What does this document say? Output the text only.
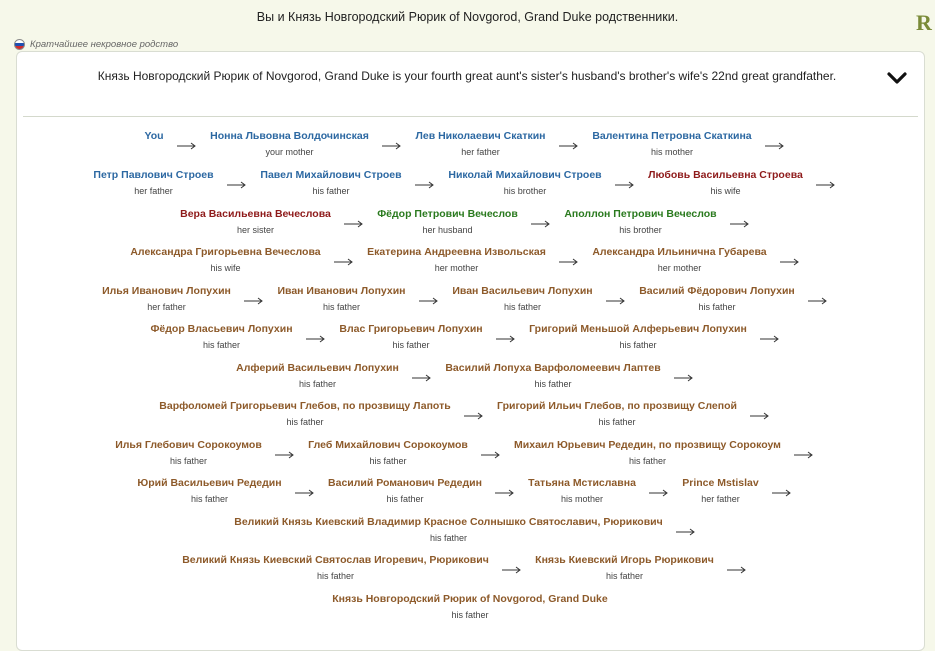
Вы и Князь Новгородский Рюрик of Novgorod, Grand Duke родственники.	R
Кратчайшее некровное родство
Князь Новгородский Рюрик of Novgorod, Grand Duke is your fourth great aunt's sister's husband's brother's wife's 22nd great grandfather.
You	Нонна Львовна Волдочинская
your mother
Лев Николаевич Скаткин
her father
Валентина Петровна Скаткина
his mother
Петр Павлович Строев
her father
Павел Михайлович Строев
his father
Николай Михайлович Строев
his brother
Любовь Васильевна Строева
his wife
Вера Васильевна Вечеслова
her sister
Фёдор Петрович Вечеслов
her husband
Аполлон Петрович Вечеслов
his brother
Александра Григорьевна Вечеслова
his wife
Екатерина Андреевна Извольская
her mother
Александра Ильинична Губарева
her mother
Илья Иванович Лопухин
her father
Иван Иванович Лопухин
his father
Иван Васильевич Лопухин
his father
Василий Фёдорович Лопухин
his father
Фёдор Власьевич Лопухин
his father
Влас Григорьевич Лопухин
his father
Григорий Меньшой Алферьевич Лопухин
his father
Алферий Васильевич Лопухин
his father
Василий Лопуха Варфоломеевич Лаптев
his father
Варфоломей Григорьевич Глебов, по прозвищу Лапоть
his father
Григорий Ильич Глебов, по прозвищу Слепой
his father
Илья Глебович Сорокоумов
his father
Глеб Михайлович Сорокоумов
his father
Михаил Юрьевич Редедин, по прозвищу Сорокоум
his father
Юрий Васильевич Редедин
his father
Василий Романович Редедин
his father
Татьяна Мстиславна
his mother
Prince Mstislav
her father
Великий Князь Киевский Владимир Красное Солнышко Святославич, Рюрикович
his father
Великий Князь Киевский Святослав Игоревич, Рюрикович
his father
Князь Киевский Игорь Рюрикович
his father
Князь Новгородский Рюрик of Novgorod, Grand Duke
his father
